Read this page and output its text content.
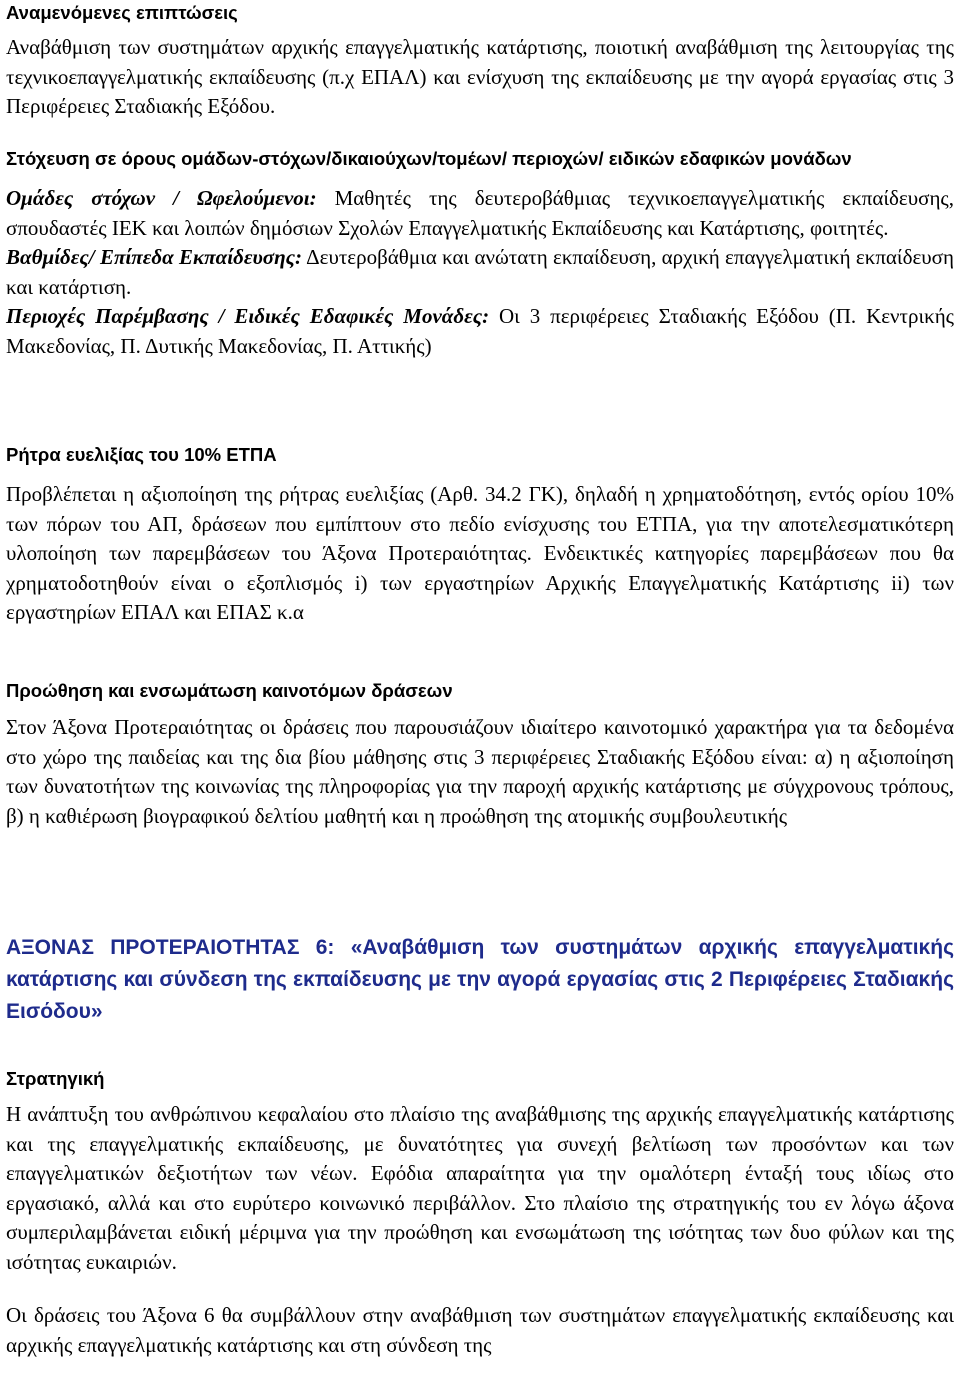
Αναμενόμενες επιπτώσεις

Αναβάθμιση των συστημάτων αρχικής επαγγελματικής κατάρτισης, ποιοτική αναβάθμιση της λειτουργίας της τεχνικοεπαγγελματικής εκπαίδευσης (π.χ ΕΠΑΛ) και ενίσχυση της εκπαίδευσης με την αγορά εργασίας στις 3 Περιφέρειες Σταδιακής Εξόδου.

Στόχευση σε όρους ομάδων-στόχων/δικαιούχων/τομέων/ περιοχών/ ειδικών εδαφικών μονάδων

Ομάδες στόχων / Ωφελούμενοι: Μαθητές της δευτεροβάθμιας τεχνικοεπαγγελματικής εκπαίδευσης, σπουδαστές ΙΕΚ και λοιπών δημόσιων Σχολών Επαγγελματικής Εκπαίδευσης και Κατάρτισης, φοιτητές.

Βαθμίδες/ Επίπεδα Εκπαίδευσης: Δευτεροβάθμια και ανώτατη εκπαίδευση, αρχική επαγγελματική εκπαίδευση και κατάρτιση.

Περιοχές Παρέμβασης / Ειδικές Εδαφικές Μονάδες: Οι 3 περιφέρειες Σταδιακής Εξόδου (Π. Κεντρικής Μακεδονίας, Π. Δυτικής Μακεδονίας, Π. Αττικής)

Ρήτρα ευελιξίας του 10% ΕΤΠΑ

Προβλέπεται η αξιοποίηση της ρήτρας ευελιξίας (Αρθ. 34.2 ΓΚ), δηλαδή η χρηματοδότηση, εντός ορίου 10% των πόρων του ΑΠ, δράσεων που εμπίπτουν στο πεδίο ενίσχυσης του ΕΤΠΑ, για την αποτελεσματικότερη υλοποίηση των παρεμβάσεων του Άξονα Προτεραιότητας. Ενδεικτικές κατηγορίες παρεμβάσεων που θα χρηματοδοτηθούν είναι ο εξοπλισμός i) των εργαστηρίων Αρχικής Επαγγελματικής Κατάρτισης ii) των εργαστηρίων ΕΠΑΛ και ΕΠΑΣ κ.α

Προώθηση και ενσωμάτωση καινοτόμων δράσεων

Στον Άξονα Προτεραιότητας οι δράσεις που παρουσιάζουν ιδιαίτερο καινοτομικό χαρακτήρα για τα δεδομένα στο χώρο της παιδείας και της δια βίου μάθησης στις 3 περιφέρειες Σταδιακής Εξόδου είναι: α) η αξιοποίηση των δυνατοτήτων της κοινωνίας της πληροφορίας για την παροχή αρχικής κατάρτισης με σύγχρονους τρόπους, β) η καθιέρωση βιογραφικού δελτίου μαθητή και η προώθηση της ατομικής συμβουλευτικής

ΑΞΟΝΑΣ ΠΡΟΤΕΡΑΙΟΤΗΤΑΣ 6: «Αναβάθμιση των συστημάτων αρχικής επαγγελματικής κατάρτισης και σύνδεση της εκπαίδευσης με την αγορά εργασίας στις 2 Περιφέρειες Σταδιακής Εισόδου»

Στρατηγική

Η ανάπτυξη του ανθρώπινου κεφαλαίου στο πλαίσιο της αναβάθμισης της αρχικής επαγγελματικής κατάρτισης και της επαγγελματικής εκπαίδευσης, με δυνατότητες για συνεχή βελτίωση των προσόντων και των επαγγελματικών δεξιοτήτων των νέων. Εφόδια απαραίτητα για την ομαλότερη ένταξή τους ιδίως στο εργασιακό, αλλά και στο ευρύτερο κοινωνικό περιβάλλον. Στο πλαίσιο της στρατηγικής του εν λόγω άξονα συμπεριλαμβάνεται ειδική μέριμνα για την προώθηση και ενσωμάτωση της ισότητας των δυο φύλων και της ισότητας ευκαιριών.

Οι δράσεις του Άξονα 6 θα συμβάλλουν στην αναβάθμιση των συστημάτων επαγγελματικής εκπαίδευσης και αρχικής επαγγελματικής κατάρτισης και στη σύνδεση της
